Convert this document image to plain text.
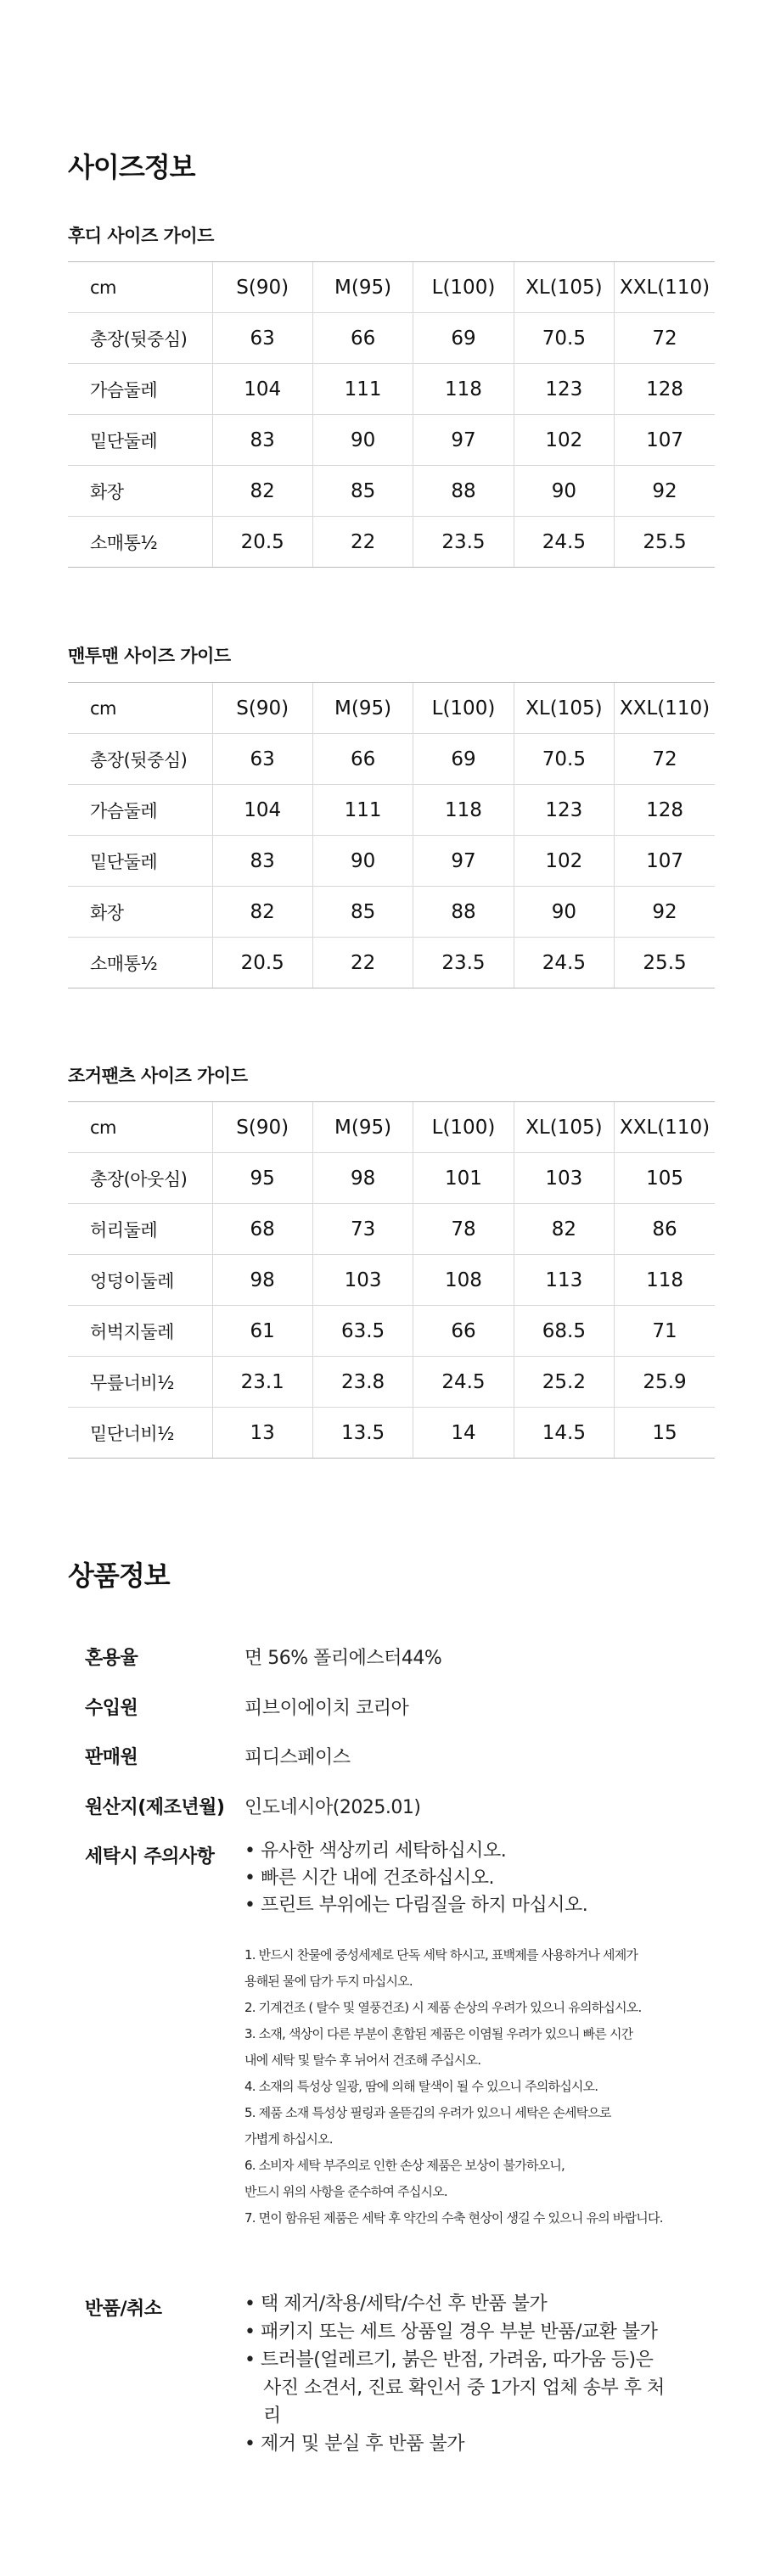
사이즈정보
후디 사이즈 가이드
cm	S(90)	M(95)	L(100)	XL(105)	XXL(110)
총장(뒷중심)	63	66	69	70.5	72
가슴둘레	104	111	118	123	128
밑단둘레	83	90	97	102	107
화장	82	85	88	90	92
소매통½	20.5	22	23.5	24.5	25.5
맨투맨 사이즈 가이드
cm	S(90)	M(95)	L(100)	XL(105)	XXL(110)
총장(뒷중심)	63	66	69	70.5	72
가슴둘레	104	111	118	123	128
밑단둘레	83	90	97	102	107
화장	82	85	88	90	92
소매통½	20.5	22	23.5	24.5	25.5
조거팬츠 사이즈 가이드
cm	S(90)	M(95)	L(100)	XL(105)	XXL(110)
총장(아웃심)	95	98	101	103	105
허리둘레	68	73	78	82	86
엉덩이둘레	98	103	108	113	118
허벅지둘레	61	63.5	66	68.5	71
무릎너비½	23.1	23.8	24.5	25.2	25.9
밑단너비½	13	13.5	14	14.5	15
상품정보
혼용율	면 56% 폴리에스터44%
수입원	피브이에이치 코리아
판매원	피디스페이스
원산지(제조년월) 인도네시아(2025.01)
세탁시 주의사항	• 유사한 색상끼리 세탁하십시오.
• 빠른 시간 내에 건조하십시오.
• 프린트 부위에는 다림질을 하지 마십시오.
1. 반드시 찬물에 중성세제로 단독 세탁 하시고, 표백제를 사용하거나 세제가
용해된 물에 담가 두지 마십시오.
2. 기계건조 ( 탈수 및 열풍건조) 시 제품 손상의 우려가 있으니 유의하십시오.
3. 소재, 색상이 다른 부분이 혼합된 제품은 이염될 우려가 있으니 빠른 시간
내에 세탁 및 탈수 후 뉘어서 건조해 주십시오.
4. 소재의 특성상 일광, 땀에 의해 탈색이 될 수 있으니 주의하십시오.
5. 제품 소재 특성상 필링과 올뜯김의 우려가 있으니 세탁은 손세탁으로
가볍게 하십시오.
6. 소비자 세탁 부주의로 인한 손상 제품은 보상이 불가하오니,
반드시 위의 사항을 준수하여 주십시오.
7. 면이 함유된 제품은 세탁 후 약간의 수축 현상이 생길 수 있으니 유의 바랍니다.
반품/취소	• 택 제거/착용/세탁/수선 후 반품 불가
• 패키지 또는 세트 상품일 경우 부분 반품/교환 불가
• 트러블(얼레르기, 붉은 반점, 가려움, 따가움 등)은 사진 소견서, 진료 확인서 중 1가지 업체 송부 후 처리
• 제거 및 분실 후 반품 불가
